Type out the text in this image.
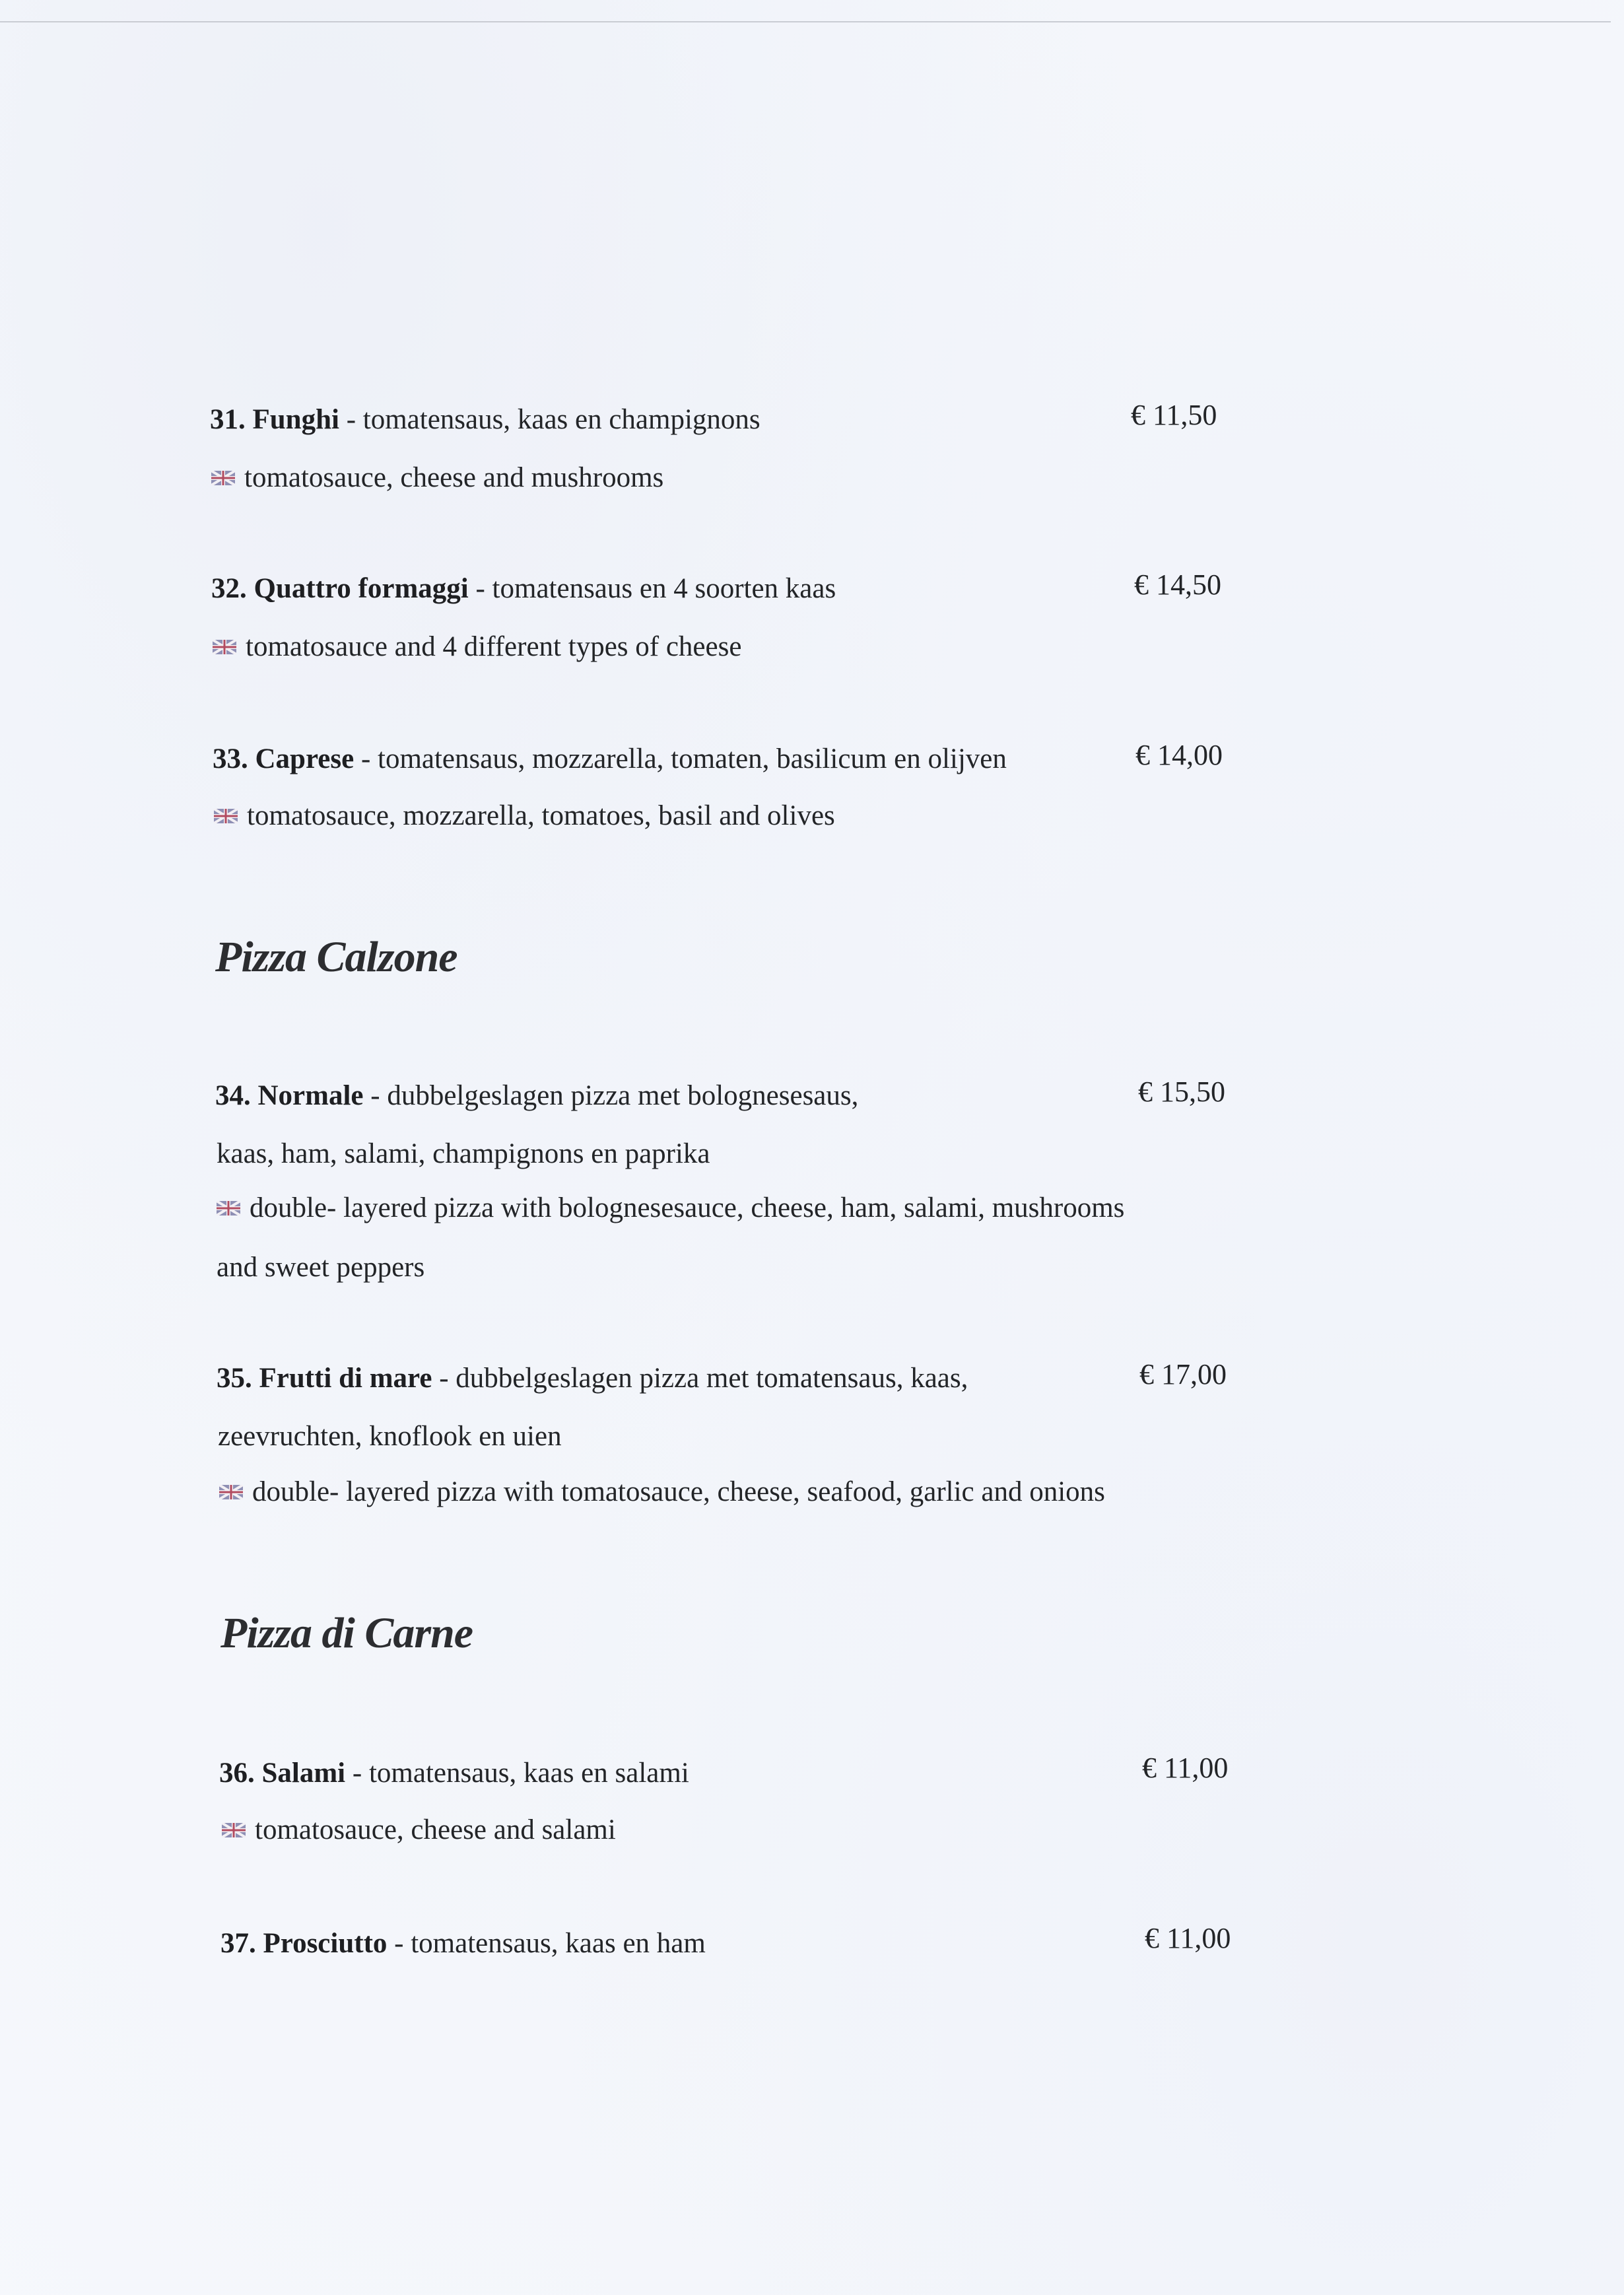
31. Funghi - tomatensaus, kaas en champignons	€ 11,50
tomatosauce, cheese and mushrooms
32. Quattro formaggi - tomatensaus en 4 soorten kaas	€ 14,50
tomatosauce and 4 different types of cheese
33. Caprese - tomatensaus, mozzarella, tomaten, basilicum en olijven	€ 14,00
tomatosauce, mozzarella, tomatoes, basil and olives
Pizza Calzone
34. Normale - dubbelgeslagen pizza met bolognesesaus,	€ 15,50
kaas, ham, salami, champignons en paprika
double- layered pizza with bolognesesauce, cheese, ham, salami, mushrooms
and sweet peppers
35. Frutti di mare - dubbelgeslagen pizza met tomatensaus, kaas,	€ 17,00
zeevruchten, knoflook en uien
double- layered pizza with tomatosauce, cheese, seafood, garlic and onions
Pizza di Carne
36. Salami - tomatensaus, kaas en salami	€ 11,00
tomatosauce, cheese and salami
37. Prosciutto - tomatensaus, kaas en ham	€ 11,00
